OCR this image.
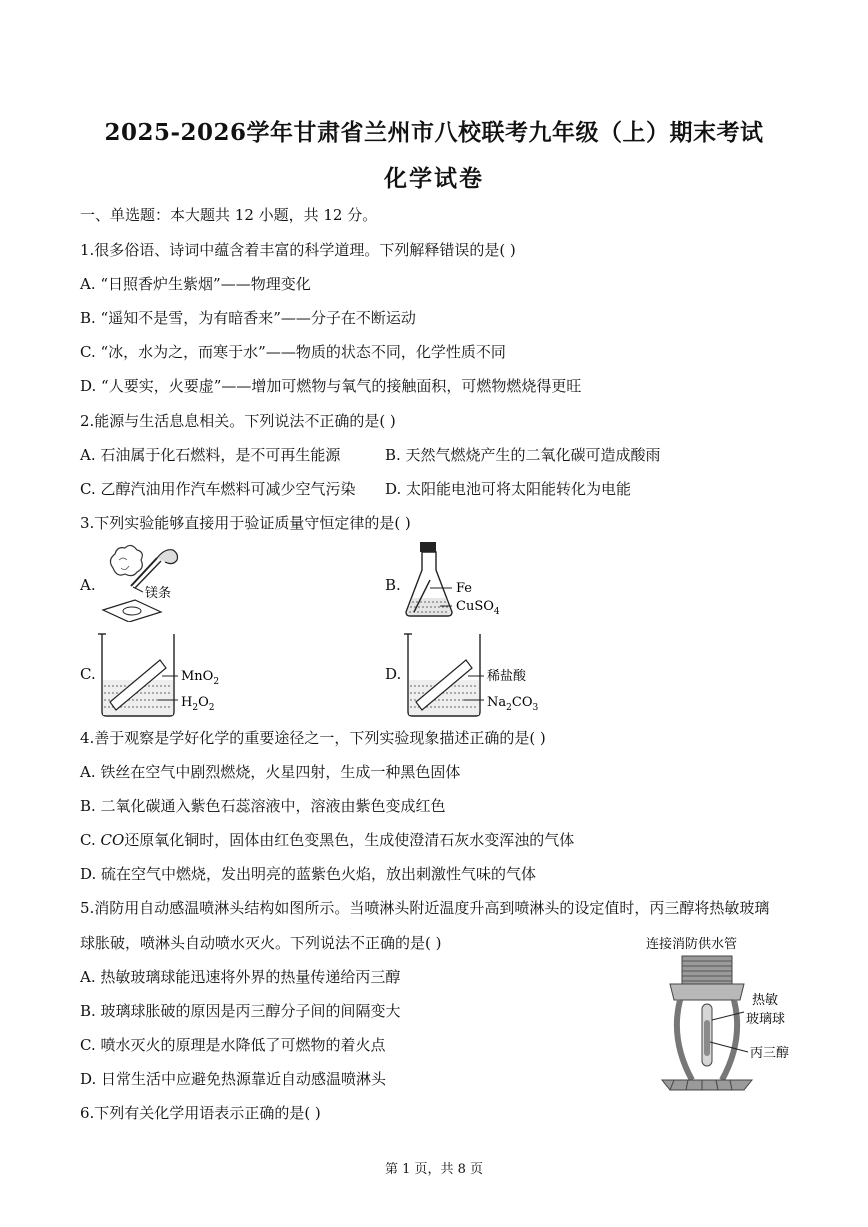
2025-2026学年甘肃省兰州市八校联考九年级（上）期末考试
化学试卷
一、单选题：本大题共 12 小题，共 12 分。
1.很多俗语、诗词中蕴含着丰富的科学道理。下列解释错误的是( )
A. “日照香炉生紫烟”——物理变化
B. “遥知不是雪，为有暗香来”——分子在不断运动
C. “冰，水为之，而寒于水”——物质的状态不同，化学性质不同
D. “人要实，火要虚”——增加可燃物与氧气的接触面积，可燃物燃烧得更旺
2.能源与生活息息相关。下列说法不正确的是( )
A. 石油属于化石燃料，是不可再生能源	B. 天然气燃烧产生的二氧化碳可造成酸雨
C. 乙醇汽油用作汽车燃料可减少空气污染 D. 太阳能电池可将太阳能转化为电能
3.下列实验能够直接用于验证质量守恒定律的是( )
A.	镁条	B.	Fe
CuSO$_4$
C.	MnO$_2$
$H_2O_2$
D.	稀盐酸
$Na_2CO_3$
4.善于观察是学好化学的重要途径之一，下列实验现象描述正确的是( )
A. 铁丝在空气中剧烈燃烧，火星四射，生成一种黑色固体
B. 二氧化碳通入紫色石蕊溶液中，溶液由紫色变成红色
C. CO还原氧化铜时，固体由红色变黑色，生成使澄清石灰水变浑浊的气体
D. 硫在空气中燃烧，发出明亮的蓝紫色火焰，放出刺激性气味的气体
5.消防用自动感温喷淋头结构如图所示。当喷淋头附近温度升高到喷淋头的设定值时，丙三醇将热敏玻璃
球胀破，喷淋头自动喷水灭火。下列说法不正确的是( )
A. 热敏玻璃球能迅速将外界的热量传递给丙三醇
B. 玻璃球胀破的原因是丙三醇分子间的间隔变大
C. 喷水灭火的原理是水降低了可燃物的着火点
D. 日常生活中应避免热源靠近自动感温喷淋头
连接消防供水管
热敏
玻璃球
丙三醇
6.下列有关化学用语表示正确的是( )
第 1 页，共 8 页
